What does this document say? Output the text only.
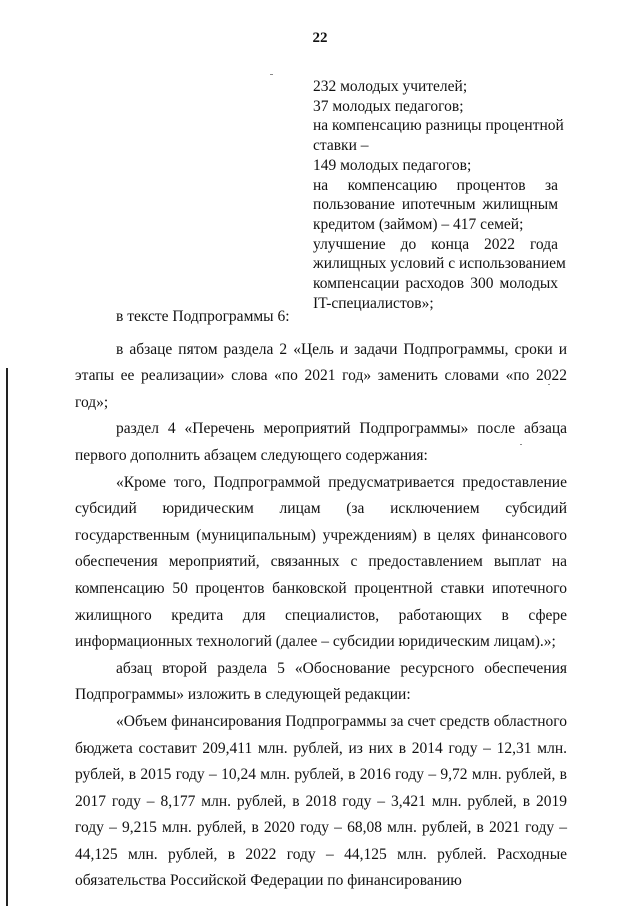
22
232 молодых учителей;
37 молодых педагогов;
на компенсацию разницы процентной
ставки –
149 молодых педагогов;
на компенсацию процентов за
пользование ипотечным жилищным
кредитом (займом) – 417 семей;
улучшение до конца 2022 года
жилищных условий с использованием
компенсации расходов 300 молодых
IT-специалистов»;

в тексте Подпрограммы 6:

в абзаце пятом раздела 2 «Цель и задачи Подпрограммы, сроки и этапы ее реализации» слова «по 2021 год» заменить словами «по 2022 год»;

раздел 4 «Перечень мероприятий Подпрограммы» после абзаца первого дополнить абзацем следующего содержания:

«Кроме того, Подпрограммой предусматривается предоставление субсидий юридическим лицам (за исключением субсидий государственным (муниципальным) учреждениям) в целях финансового обеспечения мероприятий, связанных с предоставлением выплат на компенсацию 50 процентов банковской процентной ставки ипотечного жилищного кредита для специалистов, работающих в сфере информационных технологий (далее – субсидии юридическим лицам).»;

абзац второй раздела 5 «Обоснование ресурсного обеспечения Подпрограммы» изложить в следующей редакции:

«Объем финансирования Подпрограммы за счет средств областного бюджета составит 209,411 млн. рублей, из них в 2014 году – 12,31 млн. рублей, в 2015 году – 10,24 млн. рублей, в 2016 году – 9,72 млн. рублей, в 2017 году – 8,177 млн. рублей, в 2018 году – 3,421 млн. рублей, в 2019 году – 9,215 млн. рублей, в 2020 году – 68,08 млн. рублей, в 2021 году – 44,125 млн. рублей, в 2022 году – 44,125 млн. рублей. Расходные обязательства Российской Федерации по финансированию
